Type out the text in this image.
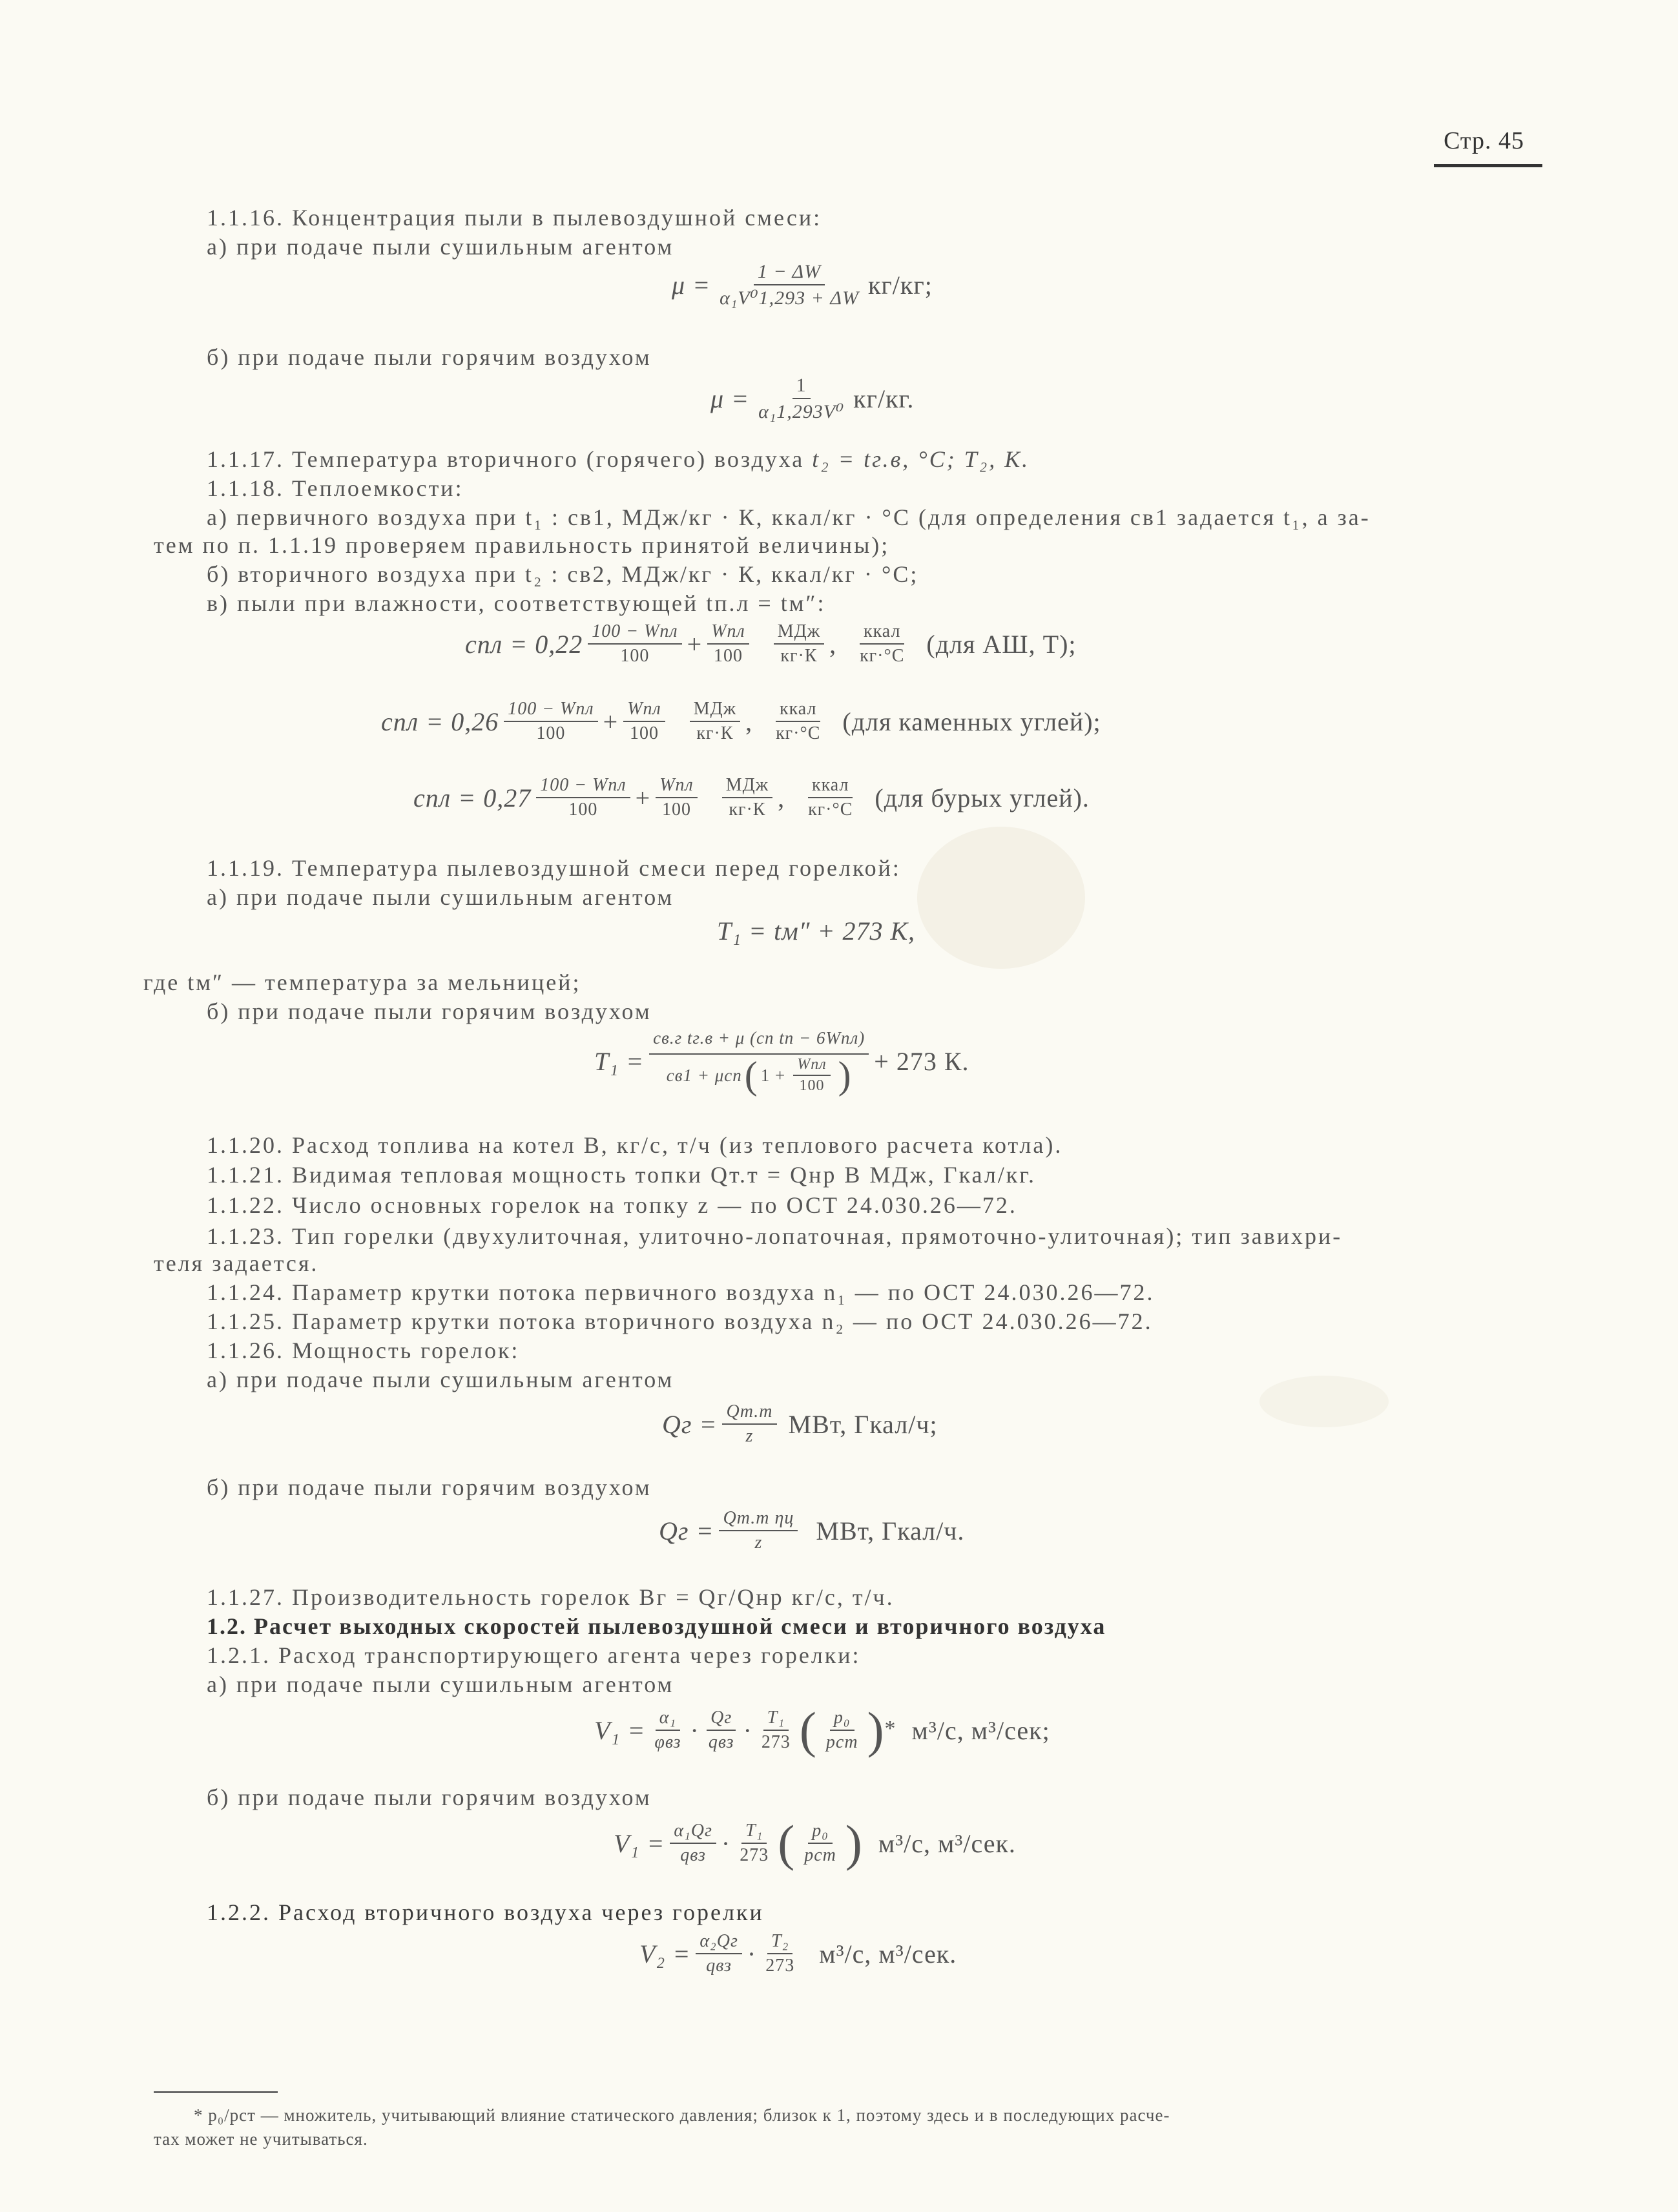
Стр. 45
1.1.16. Концентрация пыли в пылевоздушной смеси:
а) при подаче пыли сушильным агентом
$\mu = \frac{1 - \Delta W}{\text{α₁V⁰1,293 + ΔW}} кг/кг$;
б) при подаче пыли горячим воздухом
$\mu = \frac{1}{\text{α₁1,293V⁰}} кг/кг$.
1.1.17. Температура вторичного (горячего) воздуха t₂ = tг.в, °C; T₂, К.
1.1.18. Теплоемкости:
а) первичного воздуха при t₁ : cв1, МДж/кг · К, ккал/кг · °C (для определения cв1 задается t₁, а за-
тем по п. 1.1.19 проверяем правильность принятой величины);
б) вторичного воздуха при t₂ : cв2, МДж/кг · К, ккал/кг · °C;
в) пыли при влажности, соответствующей tп.л = tм″:
cпл = 0,22 100 − Wпл
100 + Wпл
100
МДж
кг·К , ккал
кг·°C (для АШ, Т);
cпл = 0,26 100 − Wпл
100 + Wпл
100
МДж
кг·К , ккал
кг·°C (для каменных углей);
cпл = 0,27 100 − Wпл
100 + Wпл
100
МДж
кг·К , ккал
кг·°C (для бурых углей).
1.1.19. Температура пылевоздушной смеси перед горелкой:
а) при подаче пыли сушильным агентом
T₁ = tм″ + 273 К,
где tм″ — температура за мельницей;
б) при подаче пыли горячим воздухом
T₁ =
cв.г tг.в + μ (cп tп − 6Wпл)
cв1 + μcп ( 1 +
Wпл
100 ) + 273 К.
1.1.20. Расход топлива на котел В, кг/с, т/ч (из теплового расчета котла).
1.1.21. Видимая тепловая мощность топки Qт.т = Qнр В МДж, Гкал/кг.
1.1.22. Число основных горелок на топку z — по ОСТ 24.030.26—72.
1.1.23. Тип горелки (двухулиточная, улиточно-лопаточная, прямоточно-улиточная); тип завихри-
теля задается.
1.1.24. Параметр крутки потока первичного воздуха n₁ — по ОСТ 24.030.26—72.
1.1.25. Параметр крутки потока вторичного воздуха n₂ — по ОСТ 24.030.26—72.
1.1.26. Мощность горелок:
а) при подаче пыли сушильным агентом
Qг = Qт.т
z МВт, Гкал/ч;
б) при подаче пыли горячим воздухом
Qг = Qт.т ηц
z МВт, Гкал/ч.
1.1.27. Производительность горелок Bг = Qг/Qнр кг/с, т/ч.
1.2. Расчет выходных скоростей пылевоздушной смеси и вторичного воздуха
1.2.1. Расход транспортирующего агента через горелки:
а) при подаче пыли сушильным агентом
V₁ = α₁
φвз · Qг
qвз · $\frac{\text{T₁}}{273}$ ( p₀
pст ) * м³/с, м³/сек;
б) при подаче пыли горячим воздухом
V₁ = α₁Qг
qвз · $\frac{\text{T₁}}{273}$ ( p₀
pст ) м³/с, м³/сек.
1.2.2. Расход вторичного воздуха через горелки
V₂ = α₂Qг
qвз · $\frac{\text{T₂}}{273} м^3/с$, м³/сек.
* p₀/pст — множитель, учитывающий влияние статического давления; близок к 1, поэтому здесь и в последующих расче-
тах может не учитываться.
